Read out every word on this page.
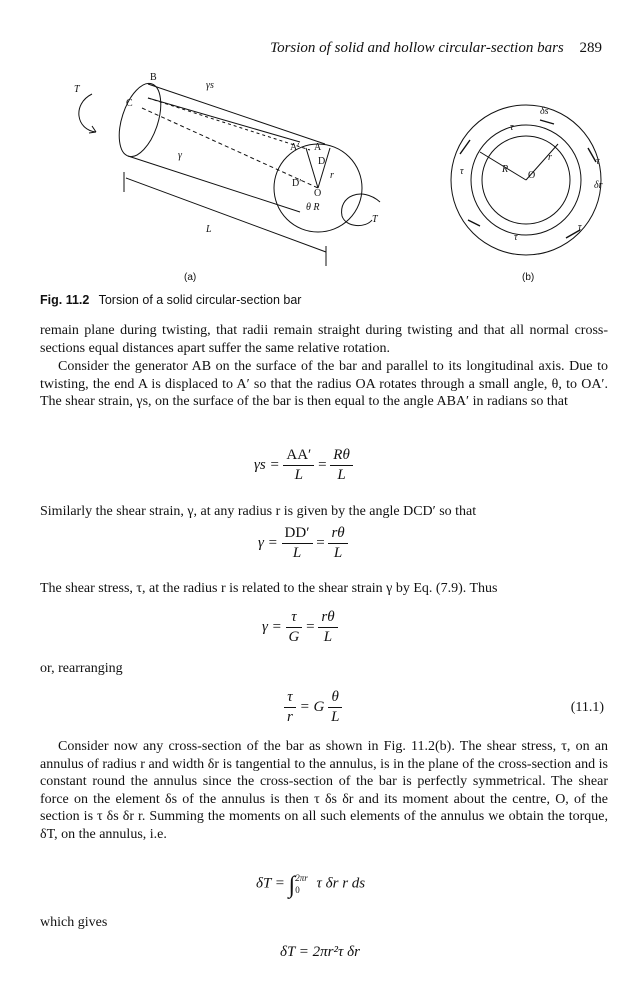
Torsion of solid and hollow circular-section bars 289
T
B
γs
C
γ
A′ A
D
r
D′
O
θ R
T
L
δs
τ
τ	R
r
O
τ
δr
τ
τ
(a)	(b)
Fig. 11.2 Torsion of a solid circular-section bar
remain plane during twisting, that radii remain straight during twisting and that all normal cross-sections equal distances apart suffer the same relative rotation.
Consider the generator AB on the surface of the bar and parallel to its longitudinal axis. Due to twisting, the end A is displaced to A′ so that the radius OA rotates through a small angle, θ, to OA′. The shear strain, γs, on the surface of the bar is then equal to the angle ABA′ in radians so that
$\gamma s = \frac{AA'}{L} = \frac{R\theta}{L}$
Similarly the shear strain, γ, at any radius r is given by the angle DCD′ so that
$\gamma = \frac{DD'}{L} = \frac{r\theta}{L}$
The shear stress, τ, at the radius r is related to the shear strain γ by Eq. (7.9). Thus
$\gamma = \frac{\tau}{G} = \frac{r\theta}{L}$
or, rearranging
$\frac{\tau}{r} = G \frac{\theta}{L}$	(11.1)
Consider now any cross-section of the bar as shown in Fig. 11.2(b). The shear stress, τ, on an annulus of radius r and width δr is tangential to the annulus, is in the plane of the cross-section and is constant round the annulus since the cross-section of the bar is perfectly symmetrical. The shear force on the element δs of the annulus is then τ δs δr and its moment about the centre, O, of the section is τ δs δr r. Summing the moments on all such elements of the annulus we obtain the torque, δT, on the annulus, i.e.
δT = ∫ 2πr
0	τ δr r ds
which gives
δT = 2πr²τ δr
